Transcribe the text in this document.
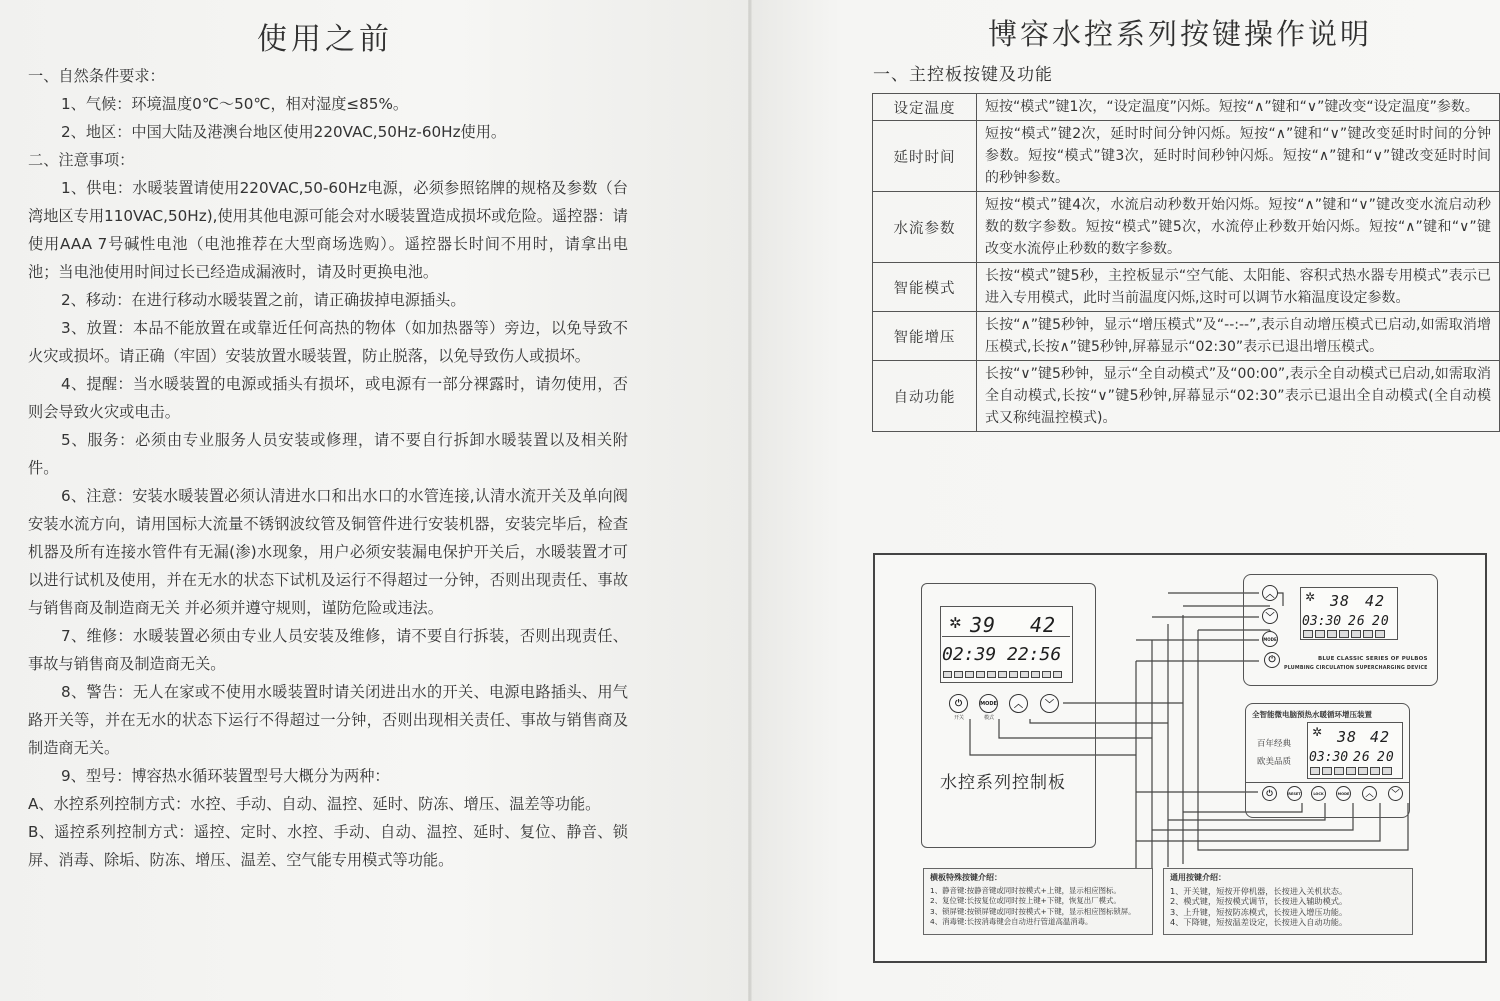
使用之前

一、自然条件要求：

1、气候：环境温度0℃～50℃，相对湿度≤85%。

2、地区：中国大陆及港澳台地区使用220VAC,50Hz-60Hz使用。

二、注意事项：

1、供电：水暖装置请使用220VAC,50-60Hz电源，必须参照铭牌的规格及参数（台湾地区专用110VAC,50Hz),使用其他电源可能会对水暖装置造成损坏或危险。遥控器：请使用AAA 7号碱性电池（电池推荐在大型商场选购）。遥控器长时间不用时，请拿出电池；当电池使用时间过长已经造成漏液时，请及时更换电池。

2、移动：在进行移动水暖装置之前，请正确拔掉电源插头。

3、放置：本品不能放置在或靠近任何高热的物体（如加热器等）旁边，以免导致不火灾或损坏。请正确（牢固）安装放置水暖装置，防止脱落，以免导致伤人或损坏。

4、提醒：当水暖装置的电源或插头有损坏，或电源有一部分裸露时，请勿使用，否则会导致火灾或电击。

5、服务：必须由专业服务人员安装或修理，请不要自行拆卸水暖装置以及相关附件。

6、注意：安装水暖装置必须认清进水口和出水口的水管连接,认清水流开关及单向阀安装水流方向，请用国标大流量不锈钢波纹管及铜管件进行安装机器，安装完毕后，检查机器及所有连接水管件有无漏(渗)水现象，用户必须安装漏电保护开关后，水暖装置才可以进行试机及使用，并在无水的状态下试机及运行不得超过一分钟，否则出现责任、事故与销售商及制造商无关 并必须并遵守规则，谨防危险或违法。

7、维修：水暖装置必须由专业人员安装及维修，请不要自行拆装，否则出现责任、事故与销售商及制造商无关。

8、警告：无人在家或不使用水暖装置时请关闭进出水的开关、电源电路插头、用气路开关等，并在无水的状态下运行不得超过一分钟，否则出现相关责任、事故与销售商及制造商无关。

9、型号：博容热水循环装置型号大概分为两种：

A、水控系列控制方式：水控、手动、自动、温控、延时、防冻、增压、温差等功能。

B、遥控系列控制方式：遥控、定时、水控、手动、自动、温控、延时、复位、静音、锁屏、消毒、除垢、防冻、增压、温差、空气能专用模式等功能。

博容水控系列按键操作说明
一、主控板按键及功能
设定温度	短按“模式”键1次，“设定温度”闪烁。短按“∧”键和“∨”键改变“设定温度”参数。
延时时间	短按“模式”键2次，延时时间分钟闪烁。短按“∧”键和“∨”键改变延时时间的分钟参数。短按“模式”键3次，延时时间秒钟闪烁。短按“∧”键和“∨”键改变延时时间的秒钟参数。
水流参数	短按“模式”键4次，水流启动秒数开始闪烁。短按“∧”键和“∨”键改变水流启动秒数的数字参数。短按“模式”键5次，水流停止秒数开始闪烁。短按“∧”键和“∨”键改变水流停止秒数的数字参数。
智能模式	长按“模式”键5秒，主控板显示“空气能、太阳能、容积式热水器专用模式”表示已进入专用模式，此时当前温度闪烁,这时可以调节水箱温度设定参数。
智能增压	长按“∧”键5秒钟，显示“增压模式”及“--:--”,表示自动增压模式已启动,如需取消增压模式,长按∧”键5秒钟,屏幕显示“02:30”表示已退出增压模式。
自动功能	长按“∨”键5秒钟，显示“全自动模式”及“00:00”,表示全自动模式已启动,如需取消全自动模式,长按“∨”键5秒钟,屏幕显示“02:30”表示已退出全自动模式(全自动模式又称纯温控模式)。
✲ 39 42
02:39 22:56
⏻	MODE ︿ ﹀
开关	模式
水控系列控制板
︿
﹀
MODE
⏻
✲ 38 42
03:30 26 20
BLUE CLASSIC SERIES OF PULBOS
PLUMBING CIRCULATION SUPERCHARGING DEVICE
全智能微电脑预热水暖循环增压装置
百年经典
欧美品质
✲ 38 42
03:30 26 20
⏻	RESET	LOCK	MODE ︿ ﹀
横板特殊按键介绍：
1、静音键:按静音键或同时按模式+上键，显示相应图标。
2、复位键:长按复位或同时按上键+下键，恢复出厂模式。
3、锁屏键:按锁屏键或同时按模式+下键，显示相应图标锁屏。
4、消毒键:长按消毒键会自动进行管道高温消毒。
通用按键介绍：
1、开关键，短按开停机器，长按进入关机状态。
2、模式键，短按模式调节，长按进入辅助模式。
3、上升键，短按防冻模式，长按进入增压功能。
4、下降键，短按温差设定，长按进入自动功能。
